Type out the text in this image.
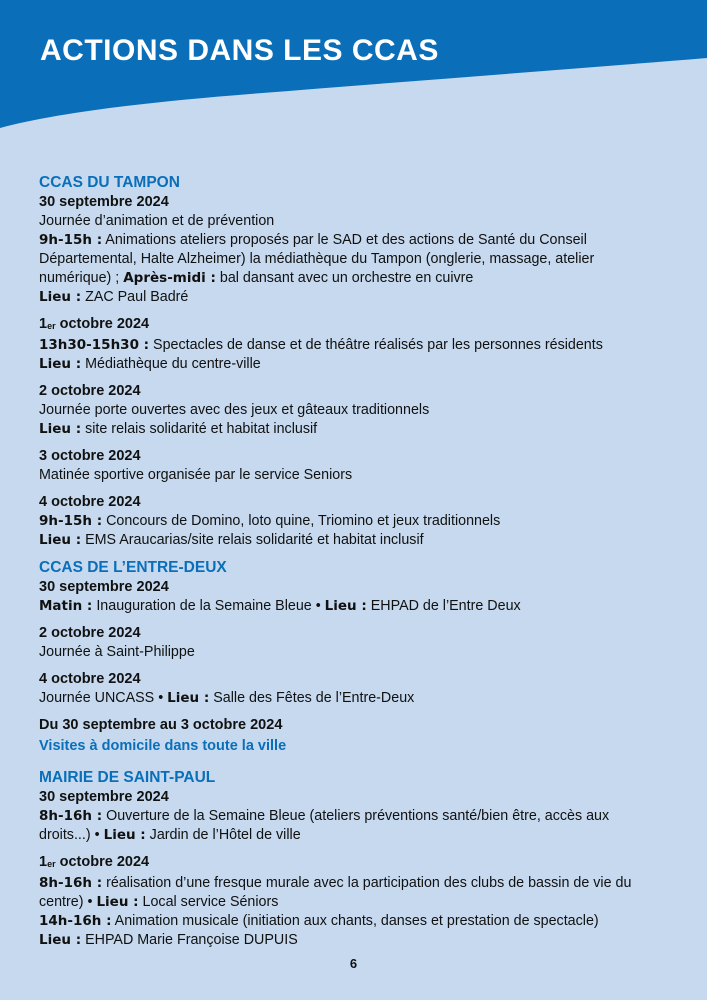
ACTIONS DANS LES CCAS

CCAS DU TAMPON

30 septembre 2024

Journée d’animation et de prévention

9h-15h : Animations ateliers proposés par le SAD et des actions de Santé du Conseil Départemental, Halte Alzheimer) la médiathèque du Tampon (onglerie, massage, atelier numérique) ; Après-midi : bal dansant avec un orchestre en cuivre

Lieu : ZAC Paul Badré

1er octobre 2024

13h30-15h30 : Spectacles de danse et de théâtre réalisés par les personnes résidents

Lieu : Médiathèque du centre-ville

2 octobre 2024

Journée porte ouvertes avec des jeux et gâteaux traditionnels

Lieu : site relais solidarité et habitat inclusif

3 octobre 2024

Matinée sportive organisée par le service Seniors

4 octobre 2024

9h-15h : Concours de Domino, loto quine, Triomino et jeux traditionnels

Lieu : EMS Araucarias/site relais solidarité et habitat inclusif

CCAS DE L’ENTRE-DEUX

30 septembre 2024

Matin : Inauguration de la Semaine Bleue • Lieu : EHPAD de l’Entre Deux

2 octobre 2024

Journée à Saint-Philippe

4 octobre 2024

Journée UNCASS • Lieu : Salle des Fêtes de l’Entre-Deux

Du 30 septembre au 3 octobre 2024

Visites à domicile dans toute la ville

MAIRIE DE SAINT-PAUL

30 septembre 2024

8h-16h : Ouverture de la Semaine Bleue (ateliers préventions santé/bien être, accès aux droits...) • Lieu : Jardin de l’Hôtel de ville

1er octobre 2024

8h-16h : réalisation d’une fresque murale avec la participation des clubs de bassin de vie du centre) • Lieu : Local service Séniors

14h-16h : Animation musicale (initiation aux chants, danses et prestation de spectacle)

Lieu : EHPAD Marie Françoise DUPUIS

6
